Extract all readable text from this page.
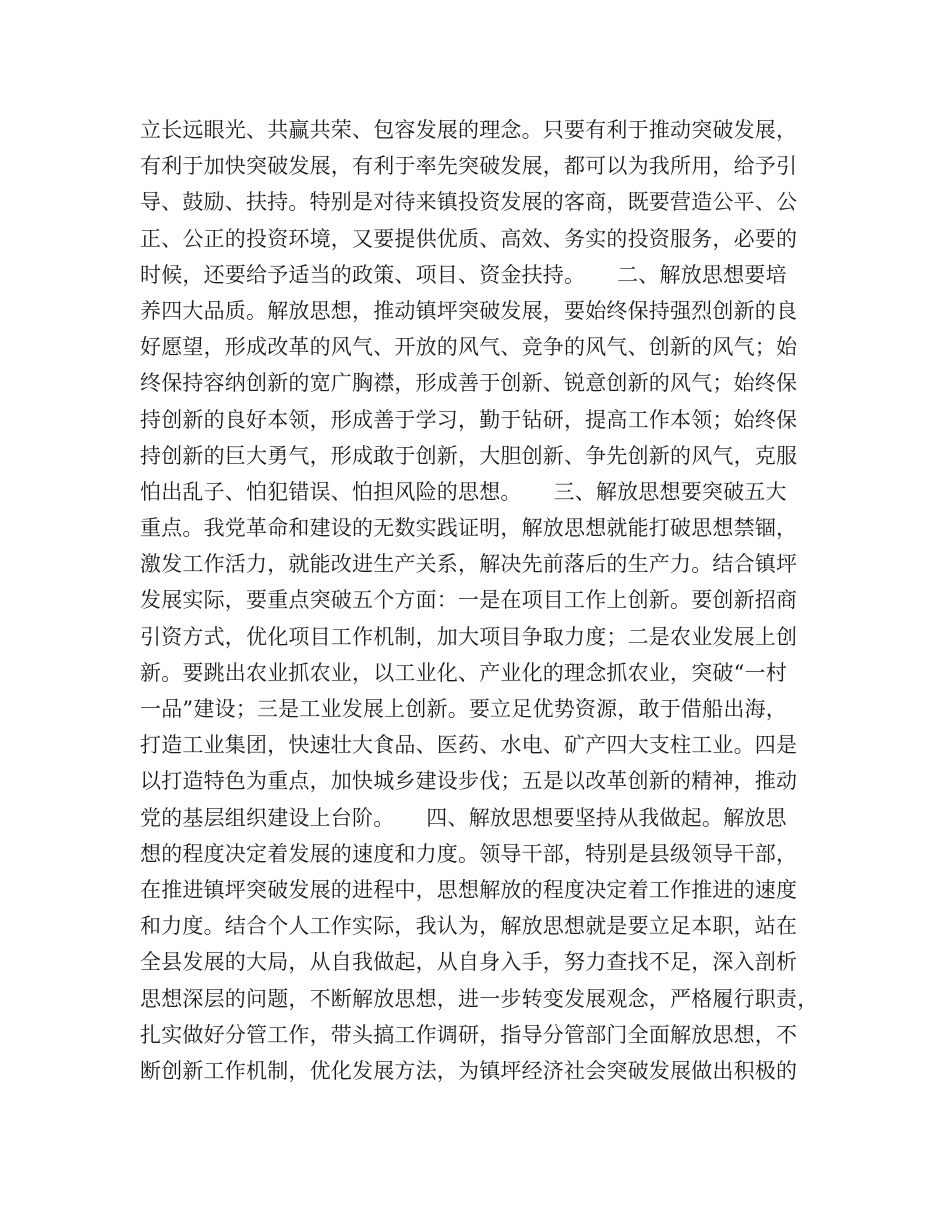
立长远眼光、共赢共荣、包容发展的理念。只要有利于推动突破发展，
有利于加快突破发展，有利于率先突破发展，都可以为我所用，给予引
导、鼓励、扶持。特别是对待来镇投资发展的客商，既要营造公平、公
正、公正的投资环境，又要提供优质、高效、务实的投资服务，必要的
时候，还要给予适当的政策、项目、资金扶持。　　二、解放思想要培
养四大品质。解放思想，推动镇坪突破发展，要始终保持强烈创新的良
好愿望，形成改革的风气、开放的风气、竞争的风气、创新的风气；始
终保持容纳创新的宽广胸襟，形成善于创新、锐意创新的风气；始终保
持创新的良好本领，形成善于学习，勤于钻研，提高工作本领；始终保
持创新的巨大勇气，形成敢于创新，大胆创新、争先创新的风气，克服
怕出乱子、怕犯错误、怕担风险的思想。　　三、解放思想要突破五大
重点。我党革命和建设的无数实践证明，解放思想就能打破思想禁锢，
激发工作活力，就能改进生产关系，解决先前落后的生产力。结合镇坪
发展实际，要重点突破五个方面：一是在项目工作上创新。要创新招商
引资方式，优化项目工作机制，加大项目争取力度；二是农业发展上创
新。要跳出农业抓农业，以工业化、产业化的理念抓农业，突破“一村
一品”建设；三是工业发展上创新。要立足优势资源，敢于借船出海，
打造工业集团，快速壮大食品、医药、水电、矿产四大支柱工业。四是
以打造特色为重点，加快城乡建设步伐；五是以改革创新的精神，推动
党的基层组织建设上台阶。　　四、解放思想要坚持从我做起。解放思
想的程度决定着发展的速度和力度。领导干部，特别是县级领导干部，
在推进镇坪突破发展的进程中，思想解放的程度决定着工作推进的速度
和力度。结合个人工作实际，我认为，解放思想就是要立足本职，站在
全县发展的大局，从自我做起，从自身入手，努力查找不足，深入剖析
思想深层的问题，不断解放思想，进一步转变发展观念，严格履行职责，
扎实做好分管工作，带头搞工作调研，指导分管部门全面解放思想，不
断创新工作机制，优化发展方法，为镇坪经济社会突破发展做出积极的
